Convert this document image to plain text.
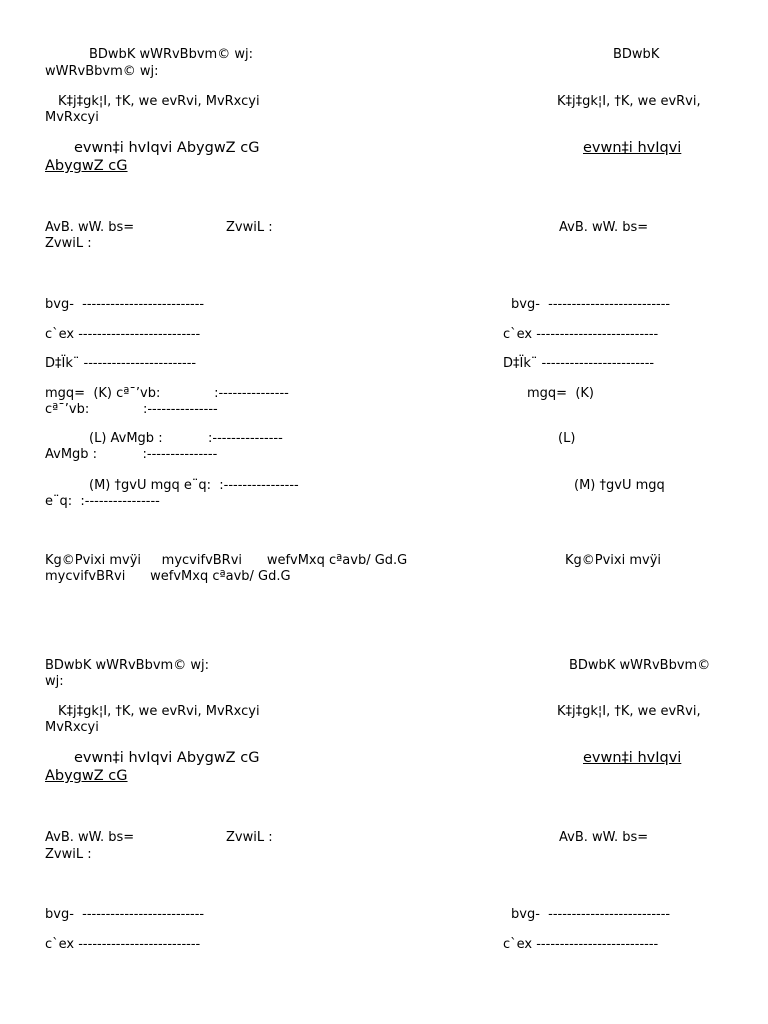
BDwbK wWRvBbvm© wj:
wWRvBbvm© wj:
K‡j‡gk¦I, †K, we evRvi, MvRxcyi
MvRxcyi
evwn‡i hvIqvi AbygwZ cG
AbygwZ cG
AvB. wW. bs=	ZvwiL :
ZvwiL :
bvg-  --------------------------
c`ex --------------------------
D‡Ïk¨ ------------------------
mgq=  (K) cª¯’vb:             :---------------
cª¯’vb:             :---------------
(L) AvMgb :           :---------------
AvMgb :           :---------------
(M) †gvU mgq e¨q:  :----------------
e¨q:  :----------------
Kg©Pvixi mvÿi     mycvifvBRvi      wefvMxq cªavb/ Gd.G
mycvifvBRvi      wefvMxq cªavb/ Gd.G
BDwbK
K‡j‡gk¦I, †K, we evRvi,
evwn‡i hvIqvi
AvB. wW. bs=
bvg-  --------------------------
c`ex --------------------------
D‡Ïk¨ ------------------------
mgq=  (K)
(L)
(M) †gvU mgq
Kg©Pvixi mvÿi
BDwbK wWRvBbvm© wj:
wj:
K‡j‡gk¦I, †K, we evRvi, MvRxcyi
MvRxcyi
evwn‡i hvIqvi AbygwZ cG
AbygwZ cG
AvB. wW. bs=	ZvwiL :
ZvwiL :
bvg-  --------------------------
c`ex --------------------------
BDwbK wWRvBbvm©
K‡j‡gk¦I, †K, we evRvi,
evwn‡i hvIqvi
AvB. wW. bs=
bvg-  --------------------------
c`ex --------------------------
